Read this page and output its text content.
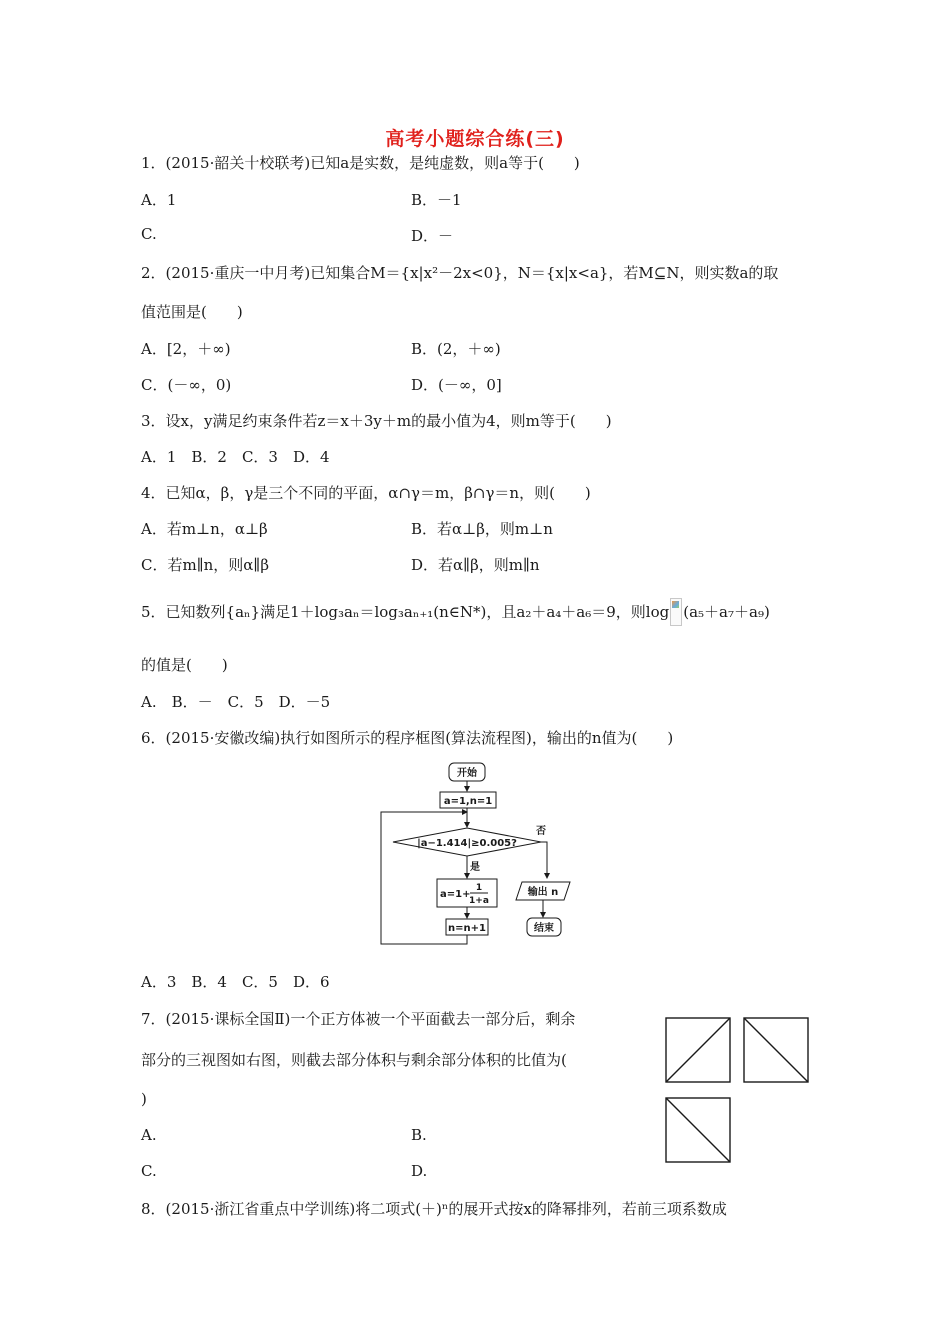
高考小题综合练(三)
1．(2015·韶关十校联考)已知a是实数，是纯虚数，则a等于(　　)
A．1	B．－1
C.	D．－
2．(2015·重庆一中月考)已知集合M＝{x|x²－2x<0}，N＝{x|x<a}，若M⊆N，则实数a的取
值范围是(　　)
A．[2，＋∞)	B．(2，＋∞)
C．(－∞，0)	D．(－∞，0]
3．设x，y满足约束条件若z＝x＋3y＋m的最小值为4，则m等于(　　)
A．1　B．2　C．3　D．4
4．已知α，β，γ是三个不同的平面，α∩γ＝m，β∩γ＝n，则(　　)
A．若m⊥n，α⊥β	B．若α⊥β，则m⊥n
C．若m∥n，则α∥β	D．若α∥β，则m∥n
5．已知数列{aₙ}满足1＋log₃aₙ＝log₃aₙ₊₁(n∈N*)，且a₂＋a₄＋a₆＝9，则log (a₅＋a₇＋a₉)
的值是(　　)
A.　B．－　C．5　D．－5
6．(2015·安徽改编)执行如图所示的程序框图(算法流程图)，输出的n值为(　　)
开始
a=1,n=1
|a−1.414|≥0.005?
是
否
a=1+
1
1+a
n=n+1
输出 n
结束
A．3　B．4　C．5　D．6
7．(2015·课标全国Ⅱ)一个正方体被一个平面截去一部分后，剩余
部分的三视图如右图，则截去部分体积与剩余部分体积的比值为(
)
A.	B.
C.	D.
8．(2015·浙江省重点中学训练)将二项式(＋)ⁿ的展开式按x的降幂排列，若前三项系数成
